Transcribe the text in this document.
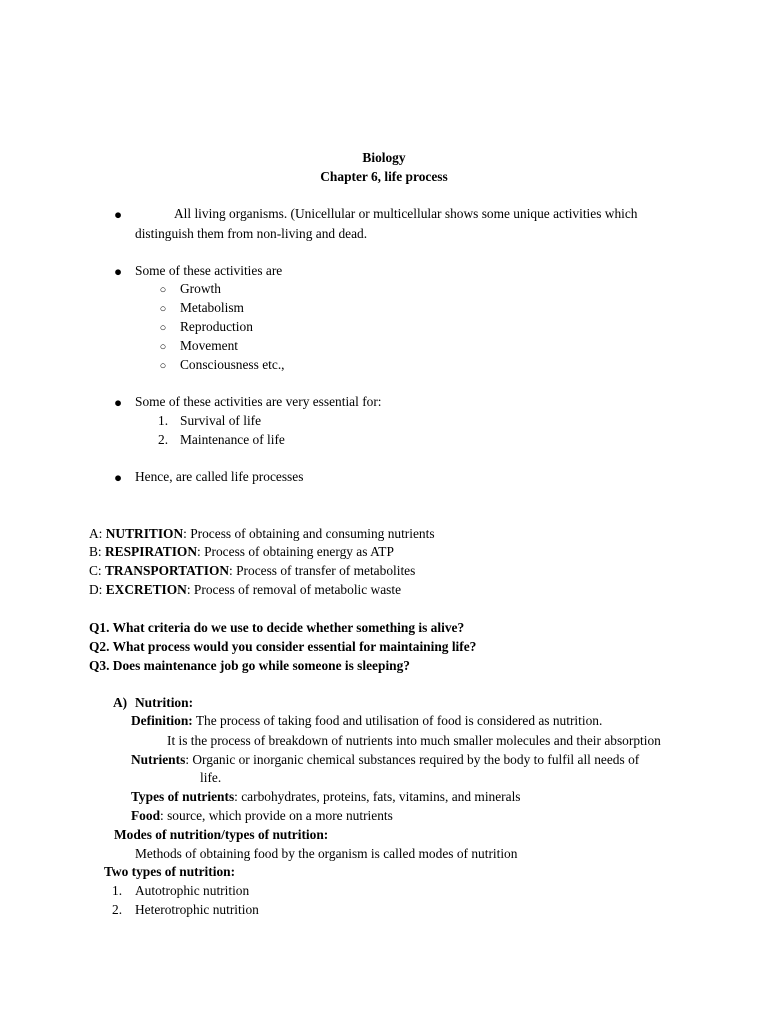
Biology
Chapter 6, life process
●	All living organisms. (Unicellular or multicellular shows some unique activities which
distinguish them from non-living and dead.
● Some of these activities are
○ Growth
○ Metabolism
○ Reproduction
○ Movement
○ Consciousness etc.,
● Some of these activities are very essential for:
1. Survival of life
2. Maintenance of life
● Hence, are called life processes
A: NUTRITION: Process of obtaining and consuming nutrients
B: RESPIRATION: Process of obtaining energy as ATP
C: TRANSPORTATION: Process of transfer of metabolites
D: EXCRETION: Process of removal of metabolic waste
Q1. What criteria do we use to decide whether something is alive?
Q2. What process would you consider essential for maintaining life?
Q3. Does maintenance job go while someone is sleeping?
A) Nutrition:
Definition: The process of taking food and utilisation of food is considered as nutrition.
It is the process of breakdown of nutrients into much smaller molecules and their absorption
Nutrients: Organic or inorganic chemical substances required by the body to fulfil all needs of
life.
Types of nutrients: carbohydrates, proteins, fats, vitamins, and minerals
Food: source, which provide on a more nutrients
Modes of nutrition/types of nutrition:
Methods of obtaining food by the organism is called modes of nutrition
Two types of nutrition:
1. Autotrophic nutrition
2. Heterotrophic nutrition
